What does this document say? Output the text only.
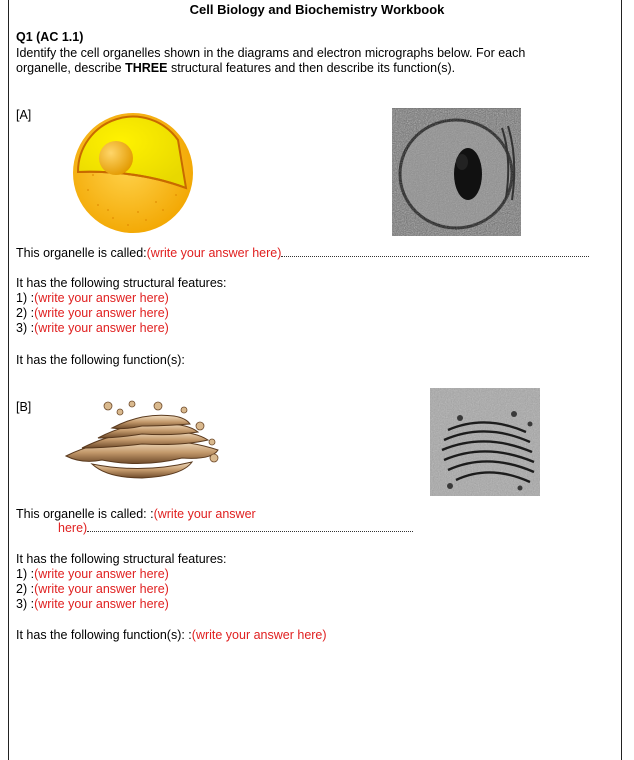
Cell Biology and Biochemistry Workbook
Q1 (AC 1.1)
Identify the cell organelles shown in the diagrams and electron micrographs below. For each
organelle, describe THREE structural features and then describe its function(s).
[A]
This organelle is called:(write your answer here)
It has the following structural features:
1) :(write your answer here)
2) :(write your answer here)
3) :(write your answer here)
It has the following function(s):
[B]
This organelle is called: :(write your answer
here)
It has the following structural features:
1) :(write your answer here)
2) :(write your answer here)
3) :(write your answer here)
It has the following function(s): :(write your answer here)
